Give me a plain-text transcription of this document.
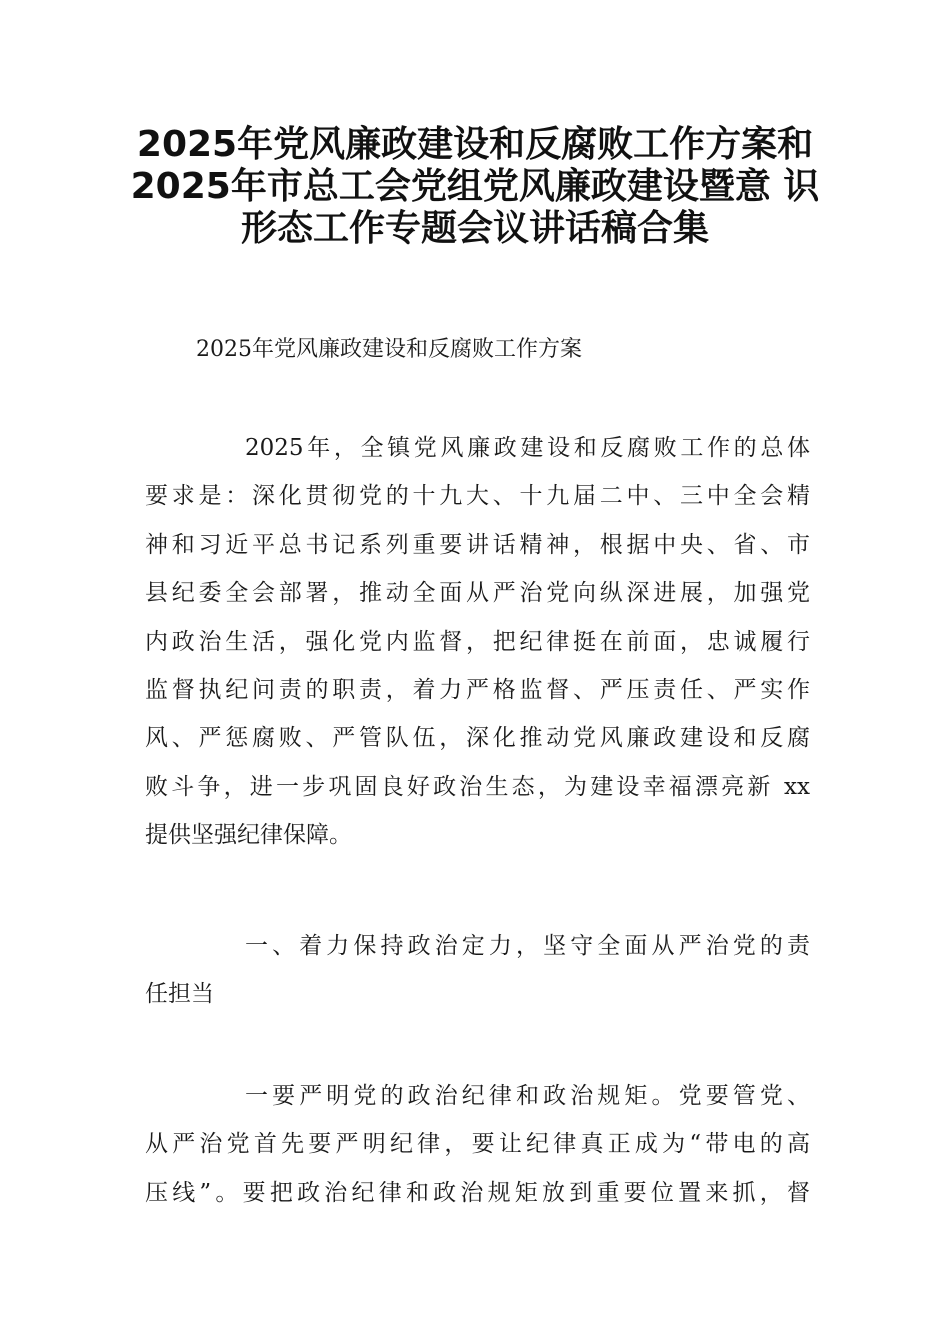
2025年党风廉政建设和反腐败工作方案和
2025年市总工会党组党风廉政建设暨意 识
形态工作专题会议讲话稿合集
2025年党风廉政建设和反腐败工作方案
2025年，全镇党风廉政建设和反腐败工作的总体
要求是：深化贯彻党的十九大、十九届二中、三中全会精
神和习近平总书记系列重要讲话精神，根据中央、省、市
县纪委全会部署，推动全面从严治党向纵深进展，加强党
内政治生活，强化党内监督，把纪律挺在前面，忠诚履行
监督执纪问责的职责，着力严格监督、严压责任、严实作
风、严惩腐败、严管队伍，深化推动党风廉政建设和反腐
败斗争，进一步巩固良好政治生态，为建设幸福漂亮新 xx
提供坚强纪律保障。
一、着力保持政治定力，坚守全面从严治党的责
任担当
一要严明党的政治纪律和政治规矩。党要管党、
从严治党首先要严明纪律，要让纪律真正成为“带电的高
压线”。要把政治纪律和政治规矩放到重要位置来抓，督
